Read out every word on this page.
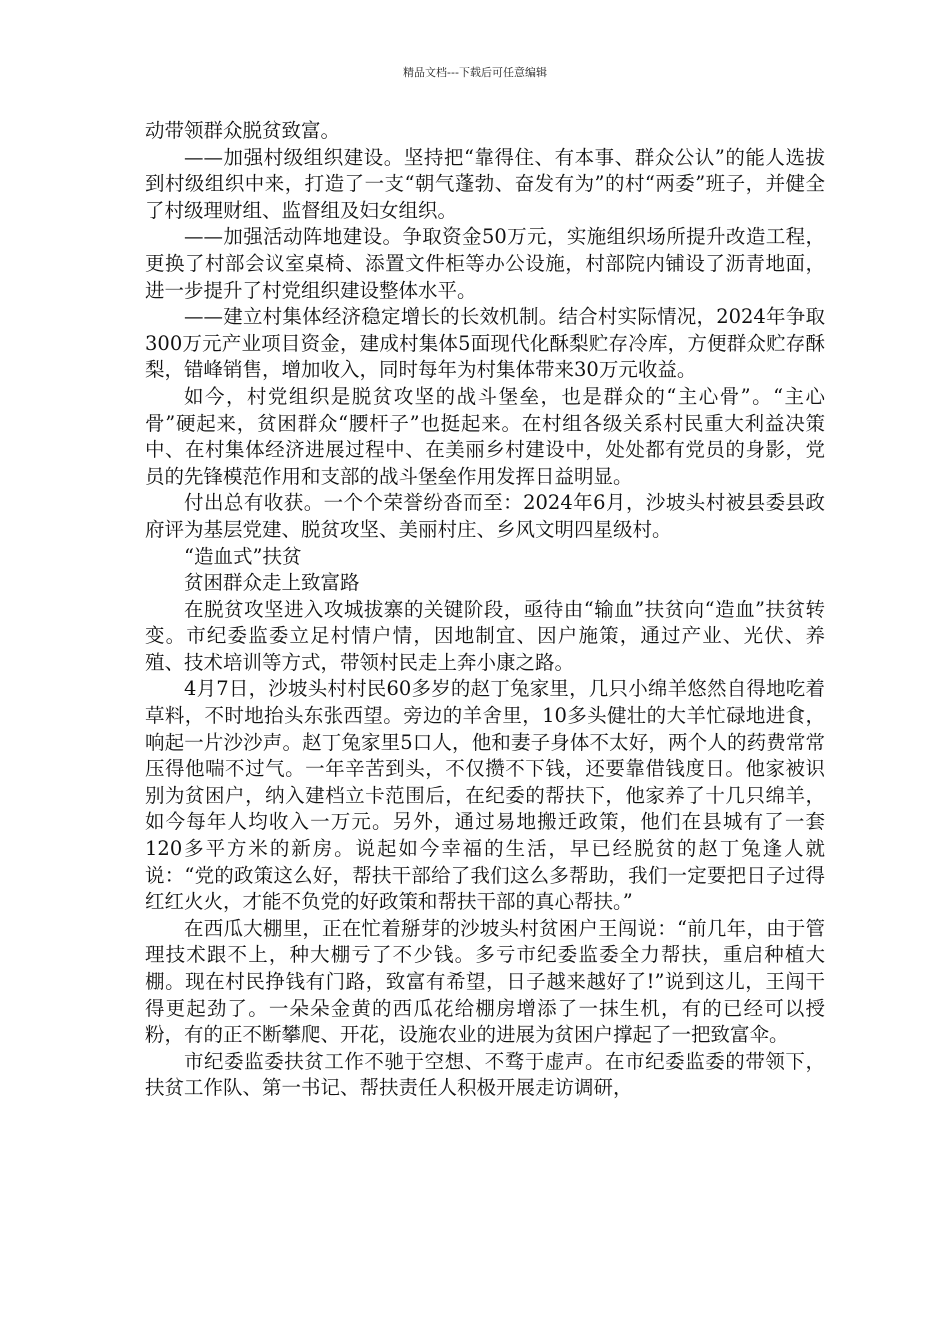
精品文档---下载后可任意编辑

动带领群众脱贫致富。

——加强村级组织建设。坚持把“靠得住、有本事、群众公认”的能人选拔到村级组织中来，打造了一支“朝气蓬勃、奋发有为”的村“两委”班子，并健全了村级理财组、监督组及妇女组织。

——加强活动阵地建设。争取资金50万元，实施组织场所提升改造工程，更换了村部会议室桌椅、添置文件柜等办公设施，村部院内铺设了沥青地面，进一步提升了村党组织建设整体水平。

——建立村集体经济稳定增长的长效机制。结合村实际情况，2024年争取300万元产业项目资金，建成村集体5面现代化酥梨贮存冷库，方便群众贮存酥梨，错峰销售，增加收入，同时每年为村集体带来30万元收益。

如今，村党组织是脱贫攻坚的战斗堡垒，也是群众的“主心骨”。“主心骨”硬起来，贫困群众“腰杆子”也挺起来。在村组各级关系村民重大利益决策中、在村集体经济进展过程中、在美丽乡村建设中，处处都有党员的身影，党员的先锋模范作用和支部的战斗堡垒作用发挥日益明显。

付出总有收获。一个个荣誉纷沓而至：2024年6月，沙坡头村被县委县政府评为基层党建、脱贫攻坚、美丽村庄、乡风文明四星级村。

“造血式”扶贫

贫困群众走上致富路

在脱贫攻坚进入攻城拔寨的关键阶段，亟待由“输血”扶贫向“造血”扶贫转变。市纪委监委立足村情户情，因地制宜、因户施策，通过产业、光伏、养殖、技术培训等方式，带领村民走上奔小康之路。

4月7日，沙坡头村村民60多岁的赵丁兔家里，几只小绵羊悠然自得地吃着草料，不时地抬头东张西望。旁边的羊舍里，10多头健壮的大羊忙碌地进食，响起一片沙沙声。赵丁兔家里5口人，他和妻子身体不太好，两个人的药费常常压得他喘不过气。一年辛苦到头，不仅攒不下钱，还要靠借钱度日。他家被识别为贫困户，纳入建档立卡范围后，在纪委的帮扶下，他家养了十几只绵羊，如今每年人均收入一万元。另外，通过易地搬迁政策，他们在县城有了一套120多平方米的新房。说起如今幸福的生活，早已经脱贫的赵丁兔逢人就说：“党的政策这么好，帮扶干部给了我们这么多帮助，我们一定要把日子过得红红火火，才能不负党的好政策和帮扶干部的真心帮扶。”

在西瓜大棚里，正在忙着掰芽的沙坡头村贫困户王闯说：“前几年，由于管理技术跟不上，种大棚亏了不少钱。多亏市纪委监委全力帮扶，重启种植大棚。现在村民挣钱有门路，致富有希望，日子越来越好了!”说到这儿，王闯干得更起劲了。一朵朵金黄的西瓜花给棚房增添了一抹生机，有的已经可以授粉，有的正不断攀爬、开花，设施农业的进展为贫困户撑起了一把致富伞。

市纪委监委扶贫工作不驰于空想、不骛于虚声。在市纪委监委的带领下，扶贫工作队、第一书记、帮扶责任人积极开展走访调研，
